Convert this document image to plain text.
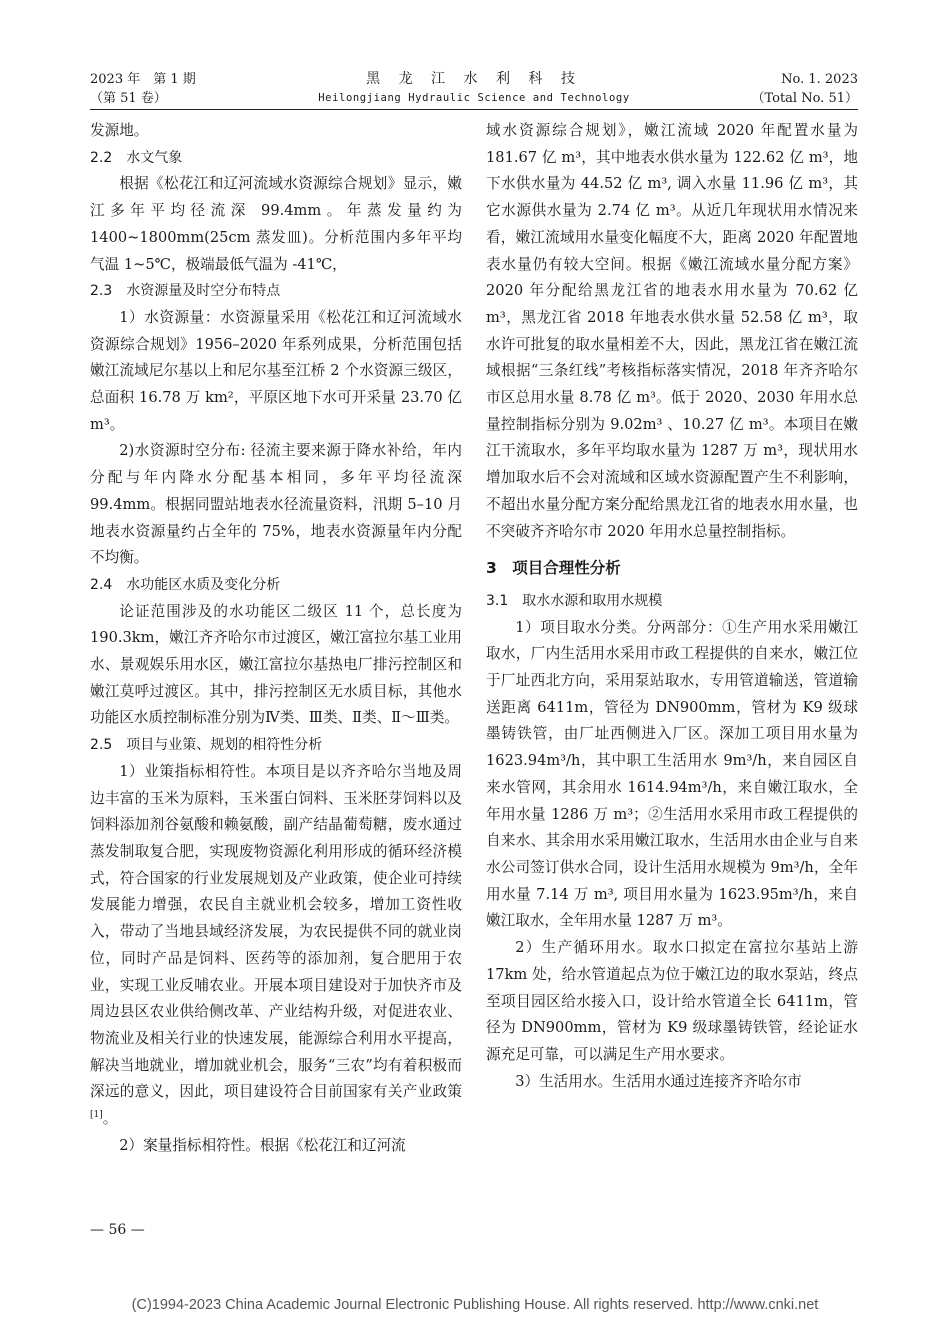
2023 年　第 1 期
（第 51 卷）
黑 龙 江 水 利 科 技
Heilongjiang Hydraulic Science and Technology
No. 1. 2023
（Total No. 51）

发源地。

2.2　水文气象

根据《松花江和辽河流域水资源综合规划》显示，嫩江多年平均径流深 99.4mm。年蒸发量约为 1400~1800mm(25cm 蒸发皿)。分析范围内多年平均气温 1~5℃，极端最低气温为 -41℃，

2.3　水资源量及时空分布特点

1）水资源量：水资源量采用《松花江和辽河流域水资源综合规划》1956–2020 年系列成果，分析范围包括嫩江流域尼尔基以上和尼尔基至江桥 2 个水资源三级区，总面积 16.78 万 km²，平原区地下水可开采量 23.70 亿 m³。

2)水资源时空分布: 径流主要来源于降水补给，年内分配与年内降水分配基本相同，多年平均径流深 99.4mm。根据同盟站地表水径流量资料，汛期 5–10 月地表水资源量约占全年的 75%，地表水资源量年内分配不均衡。

2.4　水功能区水质及变化分析

论证范围涉及的水功能区二级区 11 个，总长度为 190.3km，嫩江齐齐哈尔市过渡区，嫩江富拉尔基工业用水、景观娱乐用水区，嫩江富拉尔基热电厂排污控制区和嫩江莫呼过渡区。其中，排污控制区无水质目标，其他水功能区水质控制标准分别为Ⅳ类、Ⅲ类、Ⅱ类、Ⅱ～Ⅲ类。

2.5　项目与业策、规划的相符性分析

1）业策指标相符性。本项目是以齐齐哈尔当地及周边丰富的玉米为原料，玉米蛋白饲料、玉米胚芽饲料以及饲料添加剂谷氨酸和赖氨酸，副产结晶葡萄糖，废水通过蒸发制取复合肥，实现废物资源化利用形成的循环经济模式，符合国家的行业发展规划及产业政策，使企业可持续发展能力增强，农民自主就业机会较多，增加工资性收入，带动了当地县域经济发展，为农民提供不同的就业岗位，同时产品是饲料、医药等的添加剂，复合肥用于农业，实现工业反哺农业。开展本项目建设对于加快齐市及周边县区农业供给侧改革、产业结构升级，对促进农业、物流业及相关行业的快速发展，能源综合利用水平提高，解决当地就业，增加就业机会，服务“三农”均有着积极而深远的意义，因此，项目建设符合目前国家有关产业政策[1]。

2）案量指标相符性。根据《松花江和辽河流

域水资源综合规划》，嫩江流域 2020 年配置水量为 181.67 亿 m³，其中地表水供水量为 122.62 亿 m³，地下水供水量为 44.52 亿 m³, 调入水量 11.96 亿 m³，其它水源供水量为 2.74 亿 m³。从近几年现状用水情况来看，嫩江流域用水量变化幅度不大，距离 2020 年配置地表水量仍有较大空间。根据《嫩江流域水量分配方案》2020 年分配给黑龙江省的地表水用水量为 70.62 亿 m³，黑龙江省 2018 年地表水供水量 52.58 亿 m³，取水许可批复的取水量相差不大，因此，黑龙江省在嫩江流域根据“三条红线”考核指标落实情况，2018 年齐齐哈尔市区总用水量 8.78 亿 m³。低于 2020、2030 年用水总量控制指标分别为 9.02m³ 、10.27 亿 m³。本项目在嫩江干流取水，多年平均取水量为 1287 万 m³，现状用水增加取水后不会对流域和区域水资源配置产生不利影响，不超出水量分配方案分配给黑龙江省的地表水用水量，也不突破齐齐哈尔市 2020 年用水总量控制指标。

3　项目合理性分析

3.1　取水水源和取用水规模

1）项目取水分类。分两部分：①生产用水采用嫩江取水，厂内生活用水采用市政工程提供的自来水，嫩江位于厂址西北方向，采用泵站取水，专用管道输送，管道输送距离 6411m，管径为 DN900mm，管材为 K9 级球墨铸铁管，由厂址西侧进入厂区。深加工项目用水量为 1623.94m³/h，其中职工生活用水 9m³/h，来自园区自来水管网，其余用水 1614.94m³/h，来自嫩江取水，全年用水量 1286 万 m³；②生活用水采用市政工程提供的自来水、其余用水采用嫩江取水，生活用水由企业与自来水公司签订供水合同，设计生活用水规模为 9m³/h，全年用水量 7.14 万 m³, 项目用水量为 1623.95m³/h，来自嫩江取水，全年用水量 1287 万 m³。

2）生产循环用水。取水口拟定在富拉尔基站上游 17km 处，给水管道起点为位于嫩江边的取水泵站，终点至项目园区给水接入口，设计给水管道全长 6411m，管径为 DN900mm，管材为 K9 级球墨铸铁管，经论证水源充足可靠，可以满足生产用水要求。

3）生活用水。生活用水通过连接齐齐哈尔市

— 56 —
(C)1994-2023 China Academic Journal Electronic Publishing House. All rights reserved. http://www.cnki.net
